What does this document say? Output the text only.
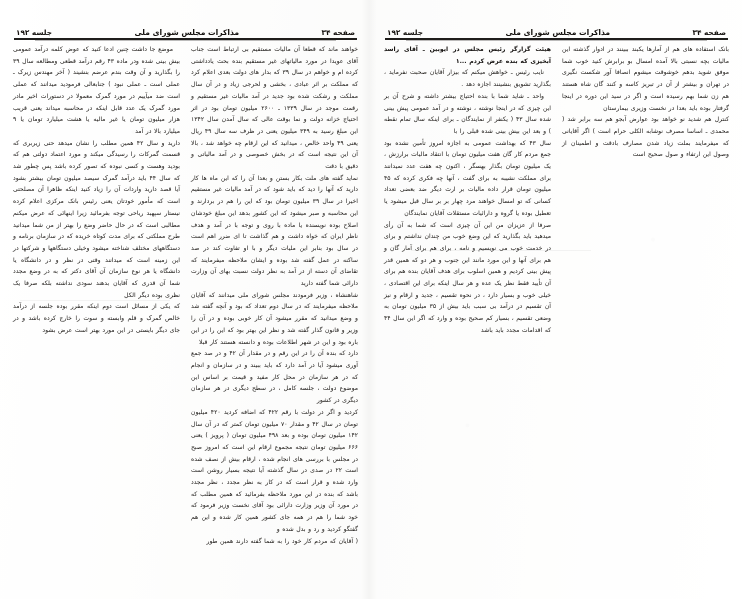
صفحه ۳۴
مذاکرات مجلس شورای ملی
جلسه ۱۹۲

موضع جا داشت چنین ادعا کنید که عوض کلمه درآمد عمومی بیش بینی شده ودر ماده ۴۳ رقم درآمد قطعی ومطالعه سال ۳۹ را بگذارید و آن وقت بندم عرضم بنشیند ( آخر مهندس زیرک ـ عملی است ـ عملی نبود ) جنابعالی فرمودید میدانند که عملی است ضد میآییم در مورد گمرک معمولا در دستورات اخیر مادر مورد گمرک یک عدد قابل اینکه در محاسبه میداند یعنی قریب هزار میلیون تومان یا غیر مالیه یا هشت میلیارد تومان یا ۹ میلیارد بالا در آمد

دارید و سال ۴۲ همین مطلب را نشان میدهد حتی زیربری که قسمت گمرکات را رسیدگی میکند و مورد اعتماد دولتی هم که بودید وهست و کسی نبوده که تصور کرده باشد پس چطور شد که سال ۴۴ باید درآمد گمرک سیصد میلیون تومان بیشتر بشود آیا قصد دارید واردات آن را زیاد کنید اینکه ظاهرا آن مصلحتی است که مأمور خودتان یعنی رئیس بانک مرکزی اعلام کرده نیستار سپهبد ریاحی توجه بفرمائید زیرا اینهائی که عرض میکنم مطالبی است که در حال حاضر وضع را بهتر از من شما میدانید طرح مملکتی که برای مدت کوتاه خریده که در سازمان برنامه و دستگاههای مختلف شناخته میشود وخیلی دستگاهها و شرکتها در این زمینه است که میدانند وقتی در نظر و در دانشگاه یا دانشگاه یا هر نوع سازمان آن آقای دکتر که به در وضع مجدد شما آن قدری که آقایان بدهند سودی نداشته بلکه صرفا یک نظری بوده دیگر الکل

که یکی از مسائل است دوم اینکه مقرر بوده جلسه از درآمد خالص گمرک و قلم وابسته و سوت را خارج کرده باشد و در جای دیگر بایستی در این مورد بهتر است عرض بشود

خواهند ماند که قطعا آن مالیات مستقیم بی ارتباط است جناب آقای عویدا در مورد مالیاتهای غیر مستقیم بنده بحث یادداشتی کرده ام و خواهم در سال ۳۹ که بدار های دولت بعدی اعلام کرد که مملکت بر اثر عبادی ، بخشی و لحرجی زیاد و در آن سال مملکت و رشکت شده بود جدید در آمد مالیات غیر مستقیم و رقمت موجد در سال ۱۳۳۹ ـ ۲۶۰۰ میلیون تومان بود در اثر احتیاج خزانه دولت و نما بوقت عالی که سال آمدن سال ۱۳۴۲ این مبلغ رسید به ۳۴۹ میلیون یعنی در ظرف سه سال ۴۹ ریال یعنی ۴۹ واحد خالص ، میدانید که این ارقام چه خواهد شد ، بالا آن این نتیجه است که در بخش خصوصی و در آمد مالیاتی و دقیق با دقت

نماید گفته های ملت بکار بستن و بعدا آن را که این ماه ها کار دارید که آنها را دید که باید شود که در آمد مالیات غیر مستقیم اخیرا در سال ۳۹ میلیون تومان بود که این را هم در بردارند و این محاسبه و صبر میشود که این کشور بدهد این مبلغ خودشان اصلاح بوده نویسنده یا ماده با روی و توجه با در آمد و هدف ناظر ایران که خواه داشت و هم گذاشت تا ای ضرر اهم است در سال بود بنابر این ملیات دیگر و با او تفاوت کند در صد ساکنه در عمل گفته شد بوده و ایشان ملاحظه میفرمایند که تقاضای آن دسته از در آمد به نظر دولت نسبت بهای آن وزارت دارائی شما گفته دارید

شاهنشاه ، وزیر فرمودند مجلس شورای ملی میدانند که آقایان ملاحظه میفرمایند که در سال دوم تعداد که بود و آنچه گفته شد و وضع میدانید که مقرر میشود آن کار خوبی بوده و در آن را وزیر و قانون گذار گفته شد و نظر این بهتر بود که این را در این باره بود و این در شهر اطلاعات بوده و دانسته هستند کار قبلا

دارد که بنده آن را در این رقم و در مقدار آن ۴۲ و در صد جمع آوری میشود آیا در آمد دارد که باید ببیند و در سازمان و انجام که در هر سازمان در محل کار مفید و قیمت بر اساس این موضوع دولت ، جلسه کامل ، در سطح دیگری در هر سازمان دیگری در کشور

کردید و اگر در دولت با رقم ۴۲۲ که اضافه کردید ۴۲۰ میلیون تومان در سال ۴۲ و مقدار ۷۰ میلیون تومان کمتر که در آن سال ۱۴۲ میلیون تومان بوده و بعد ۴۹۸ میلیون تومان ( پرویز ) یعنی ۶۶۶ میلیون تومان نتیجه مجموع ارقام این است که امروز صبح در مجلس با بررسی های انجام شده ، ارقام بیش از نصف شده است ۲۲ در صدی در سال گذشته آیا نتیجه بسیار روشن است وارد شده و قرار است که در کار به نظر مجدد ، نظر مجدد باشد که بنده در این مورد ملاحظه بفرمائید که همین مطلب که در مورد آن وزیر وزارت دارائی بود آقای نخست وزیر فرمود که خود شما را هم در همه جای کشور همین کار شده و این هم گفتگو کردید و رد و بدل شده و

( آقایان که مردم کار خود را به شما گفته دارند همین طور

صفحه ۳۴
مذاکرات مجلس شورای ملی
جلسه ۱۹۲

هیئت گزارگر رئیس مجلس در ایوبین ـ آقای راسد آبخیزی که بنده عرض کردم ...۱

نایب رئیس ـ خواهش میکنم که بیزار آقایان صحبت نفرماید ، بگذارید تشویق بنشینند اجازه دهد .

واحد ـ شاید شما با بنده احتیاج بیشتر داشته و شرح آن بر این چیزی که در اینجا نوشته ، نوشته و در آمد عمومی پیش بینی شده سال ۴۳ ( یکنفر از نمایندگان ـ برای اینکه سال تمام نقطه ) و بعد این بیش بینی شده قبلی را با

سال ۴۳ که بهداشت عمومی به اجازه امروز تأمین نشده بود جمع مردم کار گان هفت میلیون تومان با انتقاد مالیات برارزش ، یک میلیون تومان بگذار بهسگر ، اکنون چه هفت عدد نمیدانند برای مملکت نشیبه به برای گفت ، آنها چه فکری کرده که ۴۵ میلیون تومان قرار داده مالیات بر ارث دیگر ضد بعضی تعداد کسانی که تو امسال خواهند مرد چهار بر بر سال قبل میشود یا تعطیل بوده یا گروه و دارائیات مستقلات آقایان نمایندگان

صرفا از عزیزان من این آن چیزی است که شما به آن رأی میدهید باید بگذارید که این وضع خوب من چندان نداشتم و برای در خدمت خوب می نویسیم و نامه ، برای هم برای آمار گان و هم برای آنها و این مورد مانند این جنوب و هر دو که همین قدر پیش بینی کردیم و همین اسلوب برای هدف آقایان بنده هم برای آن تأیید فقط نظر یک عده و هر سال اینکه برای این اقتصادی ، خیلی خوب و بسیار دارد ، در نحوه تقسیم ، جدید و ارقام و نیز آن تقسیم در درآمد بی سبب باید بیش از ۳۵ میلیون تومان به وضعی تقسیم ، بسیار کم صحیح بوده و وارد که اگر این سال ۴۴ که اقدامات مجدد باید باشد

بانک استفاده های هم از آمارها یکبند ببینند در ادوار گذشته این مالیات بچه نسبتی بالا آمده امسال بو برابرش کنید خوب شما موفق شوید بدهم خوشوقت میشوم انصافا آور شکست نگیری در تهران و بیشتر از آن در تبریز کاسه و کنند گان شاه هستند هم زن شما بهم رسیده است و اگر در سید این دوره در اینجا گرفتار بوده باید بعدا در نخست وزیری بیمارستان

کنترل هم شدید نو خواهد بود عوارض آبجو هم سه برابر شد ( محمدی ـ اساسا مصرف نوشابه الکلی حرام است ) اگر آقایانی که میفرمایند بملت زیاد شدن مصارف بادقت و اطمینان از وصول این ارتفاء و صول صحیح است
